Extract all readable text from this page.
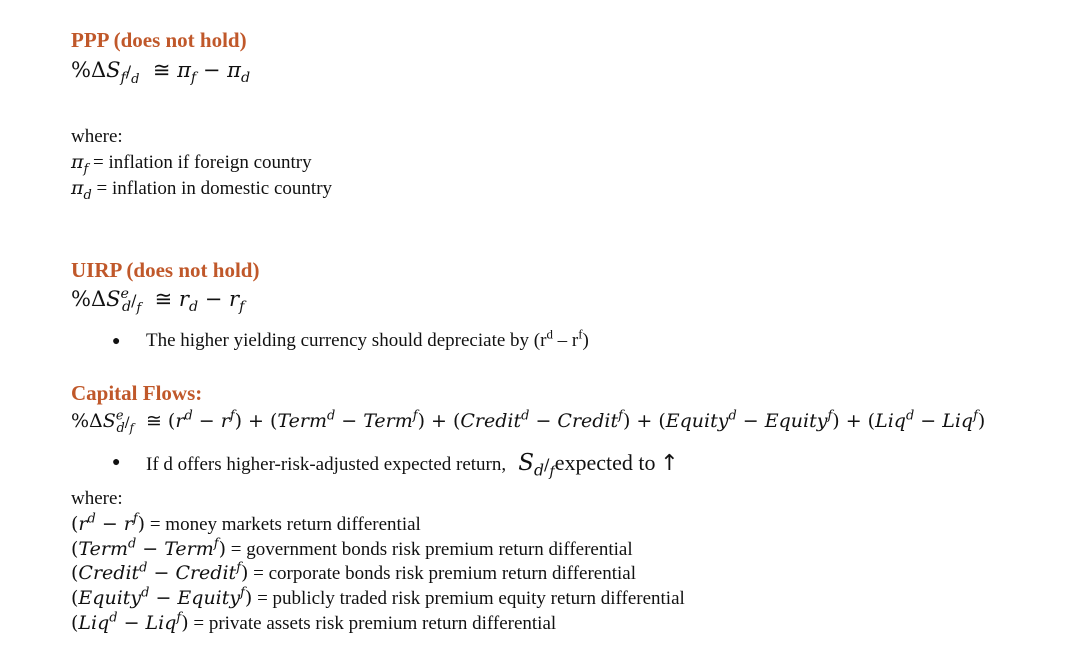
PPP (does not hold)
$\%\Delta S_f/_d$  ≅ $\pi_f - \pi_d$
where:
$\pi_f$ = inflation if foreign country
$\pi_d$ = inflation in domestic country
UIRP (does not hold)
$\%\Delta S^e_d/_f$  ≅ $r_d - r_f$
● The higher yielding currency should depreciate by $(r^d - r^f)$
Capital Flows:
$\%\Delta S^e_d/_f$  ≅ $(r^d - r^f)$ + (Term$^d$ − Term$^f$) + (Credit$^d$ − Credit$^f$) + (Equity$^d$ − Equity$^f$) + (Liq$^d$ − Liq$^f$)
● If d offers higher-risk-adjusted expected return,  $S_d/_fexpected$ to ↑
where:
$(r^d - r^f)$ = money markets return differential
(Term$^d$ − Term$^f$) = government bonds risk premium return differential
(Credit$^d$ − Credit$^f$) = corporate bonds risk premium return differential
(Equity$^d$ − Equity$^f$) = publicly traded risk premium equity return differential
(Liq$^d$ − Liq$^f$) = private assets risk premium return differential
